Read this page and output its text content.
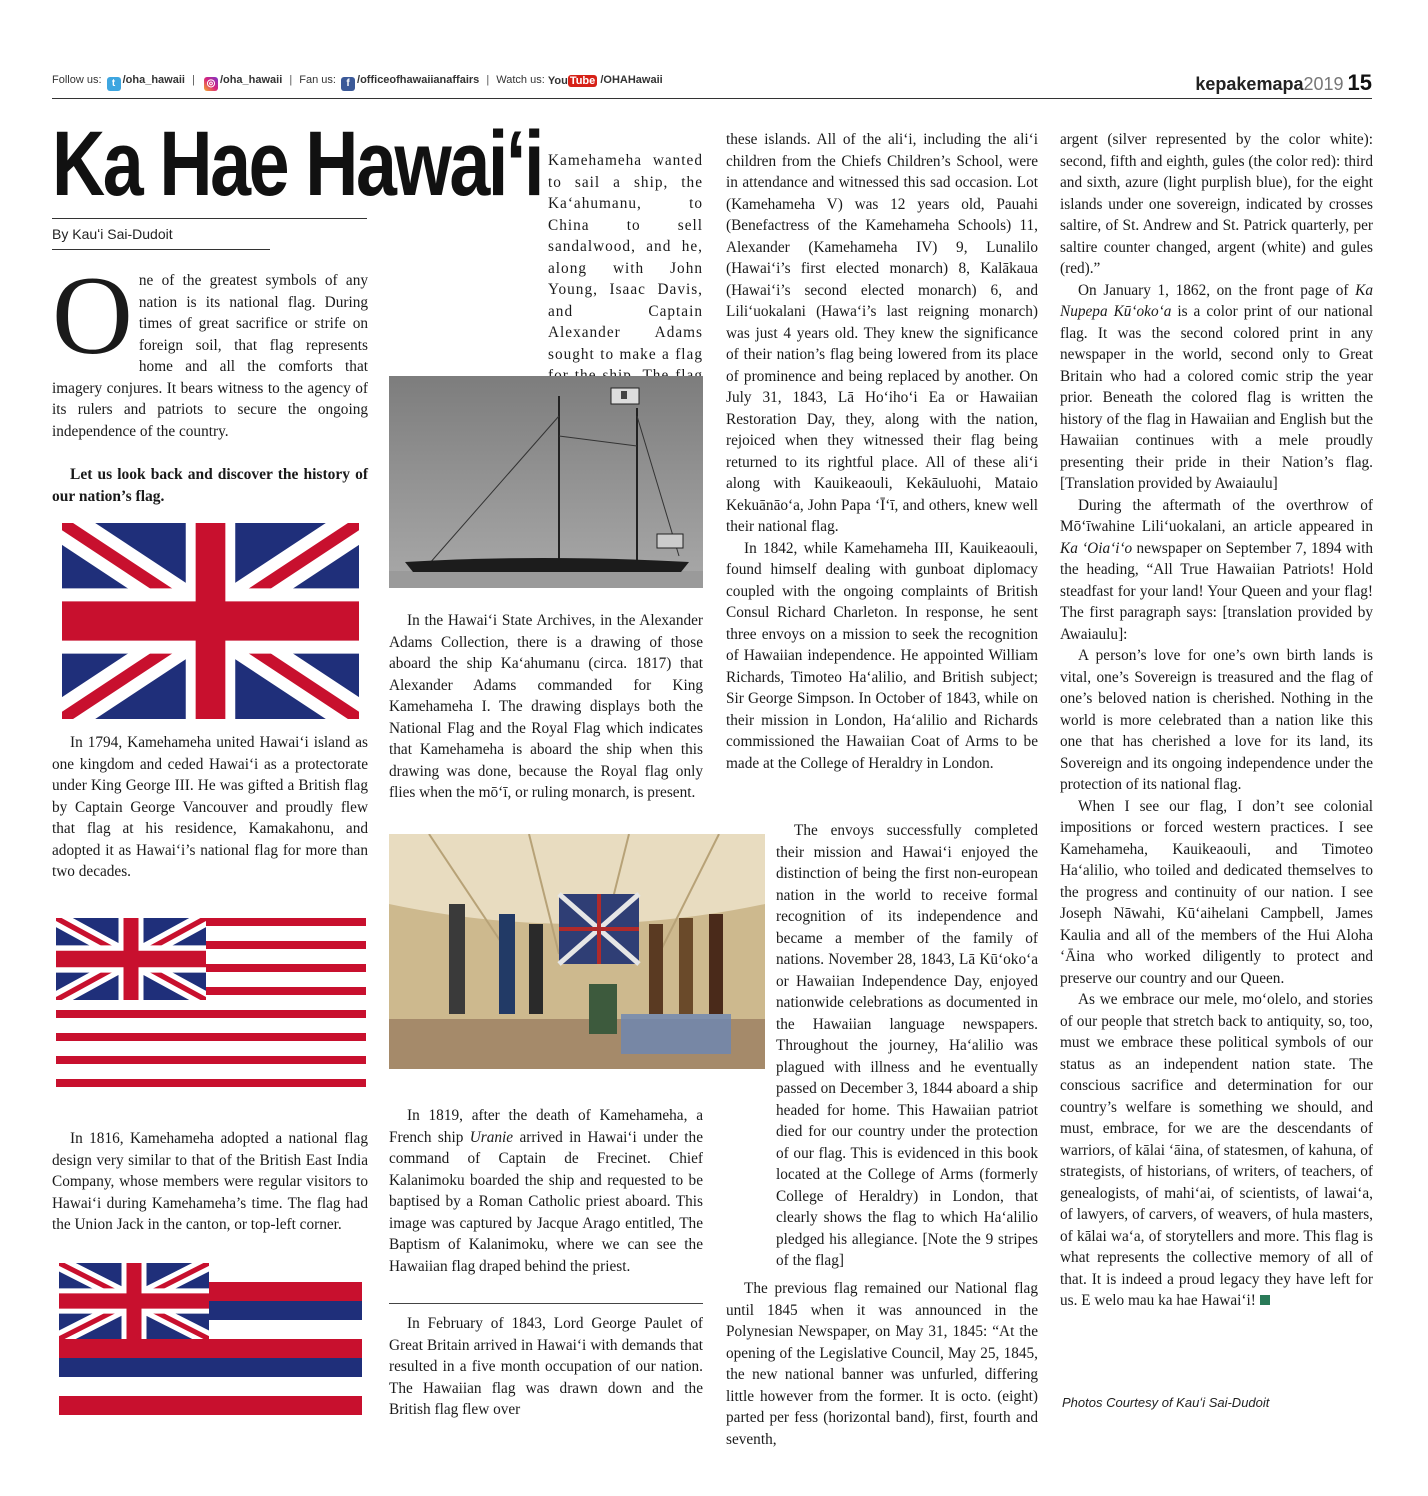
Follow us: t /oha_hawaii | ◎ /oha_hawaii | Fan us: f /officeofhawaiianaffairs | Watch us: You Tube /OHAHawaii	kepakemapa2019 15
Ka Hae Hawaiʻi
By Kauʻi Sai-Dudoit

One of the greatest symbols of any nation is its national flag. During times of great sacrifice or strife on foreign soil, that flag represents home and all the comforts that imagery conjures. It bears witness to the agency of its rulers and patriots to secure the ongoing independence of the country.

Let us look back and discover the history of our nation’s flag.

In 1794, Kamehameha united Hawaiʻi island as one kingdom and ceded Hawaiʻi as a protectorate under King George III. He was gifted a British flag by Captain George Vancouver and proudly flew that flag at his residence, Kamakahonu, and adopted it as Hawaiʻi’s national flag for more than two decades.

In 1816, Kamehameha adopted a national flag design very similar to that of the British East India Company, whose members were regular visitors to Hawaiʻi during Kamehameha’s time. The flag had the Union Jack in the canton, or top-left corner.

Kamehameha wanted to sail a ship, the Kaʻahumanu, to China to sell sandalwood, and he, along with John Young, Isaac Davis, and Captain Alexander Adams sought to make a flag

In the Hawaiʻi State Archives, in the Alexander Adams Collection, there is a drawing of those aboard the ship Kaʻahumanu (circa. 1817) that Alexander Adams commanded for King Kamehameha I. The drawing displays both the National Flag and the Royal Flag which indicates that Kamehameha is aboard the ship when this drawing was done, because the Royal flag only flies when the mōʻī, or ruling monarch, is present.

In 1819, after the death of Kamehameha, a French ship Uranie arrived in Hawaiʻi under the command of Captain de Frecinet. Chief Kalanimoku boarded the ship and requested to be baptised by a Roman Catholic priest aboard. This image was captured by Jacque Arago entitled, The Baptism of Kalanimoku, where we can see the Hawaiian flag draped behind the priest.

In February of 1843, Lord George Paulet of Great Britain arrived in Hawaiʻi with demands that resulted in a five month occupation of our nation. The Hawaiian flag was drawn down and the British flag flew over

these islands. All of the aliʻi, including the aliʻi children from the Chiefs Children’s School, were in attendance and witnessed this sad occasion. Lot (Kamehameha V) was 12 years old, Pauahi (Benefactress of the Kamehameha Schools) 11, Alexander (Kamehameha IV) 9, Lunalilo (Hawaiʻi’s first elected monarch) 8, Kalākaua (Hawaiʻi’s second elected monarch) 6, and Liliʻuokalani (Hawaʻi’s last reigning monarch) was just 4 years old. They knew the significance of their nation’s flag being lowered from its place of prominence and being replaced by another. On July 31, 1843, Lā Hoʻihoʻi Ea or Hawaiian Restoration Day, they, along with the nation, rejoiced when they witnessed their flag being returned to its rightful place. All of these aliʻi along with Kauikeaouli, Kekāuluohi, Mataio Kekuānāoʻa, John Papa ʻĪʻī, and others, knew well their national flag.

In 1842, while Kamehameha III, Kauikeaouli, found himself dealing with gunboat diplomacy coupled with the ongoing complaints of British Consul Richard Charleton. In response, he sent three envoys on a mission to seek the recognition of Hawaiian independence. He appointed William Richards, Timoteo Haʻalilio, and British subject; Sir George Simpson. In October of 1843, while on their mission in London, Haʻalilio and Richards commissioned the Hawaiian Coat of Arms to be made at the College of Heraldry in London.

The envoys successfully completed their mission and Hawaiʻi enjoyed the distinction of being the first non-european nation in the world to receive formal recognition of its independence and became a member of the family of nations. November 28, 1843, Lā Kūʻokoʻa or Hawaiian Independence Day, enjoyed nationwide celebrations as documented in the Hawaiian language newspapers. Throughout the journey, Haʻalilio was plagued with illness and he eventually passed on December 3, 1844 aboard a ship headed for home. This Hawaiian patriot died for our country under the protection of our flag. This is evidenced in this book located at the College of Arms (formerly College of Heraldry) in London, that clearly shows the flag to which Haʻalilio pledged his allegiance. [Note the 9 stripes of the flag]

The previous flag remained our National flag until 1845 when it was announced in the Polynesian Newspaper, on May 31, 1845: “At the opening of the Legislative Council, May 25, 1845, the new national banner was unfurled, differing little however from the former. It is octo. (eight) parted per fess (horizontal band), first, fourth and seventh,

argent (silver represented by the color white): second, fifth and eighth, gules (the color red): third and sixth, azure (light purplish blue), for the eight islands under one sovereign, indicated by crosses saltire, of St. Andrew and St. Patrick quarterly, per saltire counter changed, argent (white) and gules (red).”

On January 1, 1862, on the front page of Ka Nupepa Kūʻokoʻa is a color print of our national flag. It was the second colored print in any newspaper in the world, second only to Great Britain who had a colored comic strip the year prior. Beneath the colored flag is written the history of the flag in Hawaiian and English but the Hawaiian continues with a mele proudly presenting their pride in their Nation’s flag. [Translation provided by Awaiaulu]

During the aftermath of the overthrow of Mōʻīwahine Liliʻuokalani, an article appeared in Ka ʻOiaʻiʻo newspaper on September 7, 1894 with the heading, “All True Hawaiian Patriots! Hold steadfast for your land! Your Queen and your flag! The first paragraph says: [translation provided by Awaiaulu]:

A person’s love for one’s own birth lands is vital, one’s Sovereign is treasured and the flag of one’s beloved nation is cherished. Nothing in the world is more celebrated than a nation like this one that has cherished a love for its land, its Sovereign and its ongoing independence under the protection of its national flag.

When I see our flag, I don’t see colonial impositions or forced western practices. I see Kamehameha, Kauikeaouli, and Timoteo Haʻalilio, who toiled and dedicated themselves to the progress and continuity of our nation. I see Joseph Nāwahi, Kūʻaihelani Campbell, James Kaulia and all of the members of the Hui Aloha ʻĀina who worked diligently to protect and preserve our country and our Queen.

As we embrace our mele, moʻolelo, and stories of our people that stretch back to antiquity, so, too, must we embrace these political symbols of our status as an independent nation state. The conscious sacrifice and determination for our country’s welfare is something we should, and must, embrace, for we are the descendants of warriors, of kālai ʻāina, of statesmen, of kahuna, of strategists, of historians, of writers, of teachers, of genealogists, of mahiʻai, of scientists, of lawaiʻa, of lawyers, of carvers, of weavers, of hula masters, of kālai waʻa, of storytellers and more. This flag is what represents the collective memory of all of that. It is indeed a proud legacy they have left for us. E welo mau ka hae Hawaiʻi!

Photos Courtesy of Kauʻi Sai-Dudoit
